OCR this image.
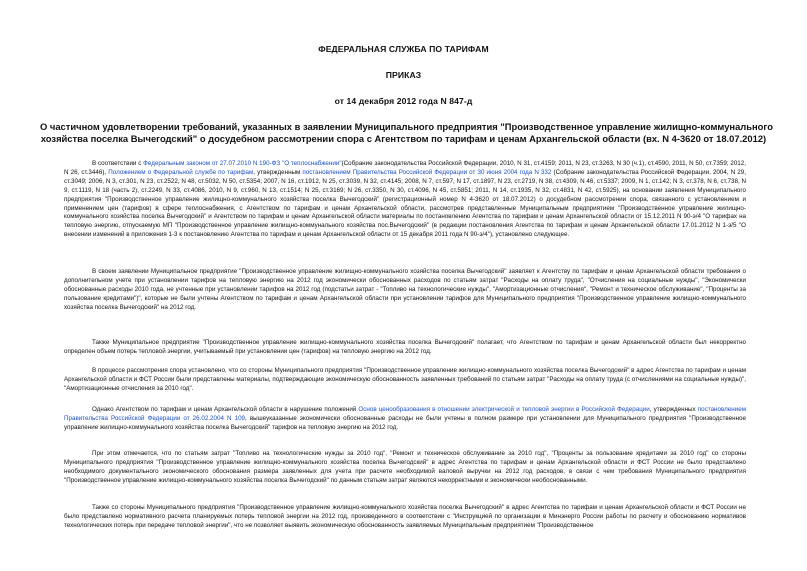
ФЕДЕРАЛЬНАЯ СЛУЖБА ПО ТАРИФАМ
ПРИКАЗ
от 14 декабря 2012 года N 847-д
О частичном удовлетворении требований, указанных в заявлении Муниципального предприятия "Производственное управление жилищно-коммунального
хозяйства поселка Вычегодский" о досудебном рассмотрении спора с Агентством по тарифам и ценам Архангельской области (вх. N 4-3620 от 18.07.2012)

В соответствии с Федеральным законом от 27.07.2010 N 190-ФЗ "О теплоснабжении"(Собрание законодательства Российской Федерации, 2010, N 31, ст.4159; 2011, N 23, ст.3263, N 30 (ч.1), ст.4590, 2011, N 50, ст.7359; 2012, N 26, ст.3446), Положением о Федеральной службе по тарифам, утвержденным постановлением Правительства Российской Федерации от 30 июня 2004 года N 332 (Собрание законодательства Российской Федерации, 2004, N 29, ст.3049; 2006, N 3, ст.301, N 23, ст.2522, N 48, ст.5032, N 50, ст.5354; 2007, N 16, ст.1912, N 25, ст.3039, N 32, ст.4145; 2008, N 7, ст.597, N 17, ст.1897, N 23, ст.2719, N 38, ст.4309, N 46, ст.5337; 2009, N 1, ст.142; N 3, ст.378, N 6, ст.738, N 9, ст.1119, N 18 (часть 2), ст.2249, N 33, ст.4086, 2010, N 9, ст.960, N 13, ст.1514; N 25, ст.3169; N 26, ст.3350, N 30, ст.4096, N 45, ст.5851; 2011, N 14, ст.1935, N 32, ст.4831, N 42, ст.5925), на основании заявления Муниципального предприятия "Производственное управление жилищно-коммунального хозяйства поселка Вычегодский" (регистрационный номер N 4-3620 от 18.07.2012) о досудебном рассмотрении спора, связанного с установлением и применением цен (тарифов) в сфере теплоснабжения, с Агентством по тарифам и ценам Архангельской области, рассмотрев представленные Муниципальным предприятием "Производственное управление жилищно-коммунального хозяйства поселка Вычегодский" и Агентством по тарифам и ценам Архангельской области материалы по постановлению Агентства по тарифам и ценам Архангельской области от 15.12.2011 N 90-э/4 "О тарифах на тепловую энергию, отпускаемую МП "Производственное управление жилищно-коммунального хозяйства пос.Вычегодский" (в редакции постановления Агентства по тарифам и ценам Архангельской области 17.01.2012 N 1-э/5 "О внесении изменений в приложения 1-3 к постановлению Агентства по тарифам и ценам Архангельской области от 15 декабря 2011 года N 90-э/4"), установлено следующее.

В своем заявлении Муниципальное предприятие "Производственное управление жилищно-коммунального хозяйства поселка Вычегодский" заявляет к Агентству по тарифам и ценам Архангельской области требования о дополнительном учете при установлении тарифов на тепловую энергию на 2012 год экономически обоснованных расходов по статьям затрат "Расходы на оплату труда", "Отчисления на социальные нужды", "Экономически обоснованные расходы 2010 года, не учтенные при установлении тарифов на 2012 год (подстатьи затрат - "Топливо на технологические нужды", "Амортизационные отчисления", "Ремонт и техническое обслуживание", "Проценты за пользование кредитами")", которые не были учтены Агентством по тарифам и ценам Архангельской области при установлении тарифов для Муниципального предприятия "Производственное управление жилищно-коммунального хозяйства поселка Вычегодский" на 2012 год.

Также Муниципальное предприятие "Производственное управление жилищно-коммунального хозяйства поселка Вычегодский" полагает, что Агентством по тарифам и ценам Архангельской области был некорректно определен объем потерь тепловой энергии, учитываемый при установлении цен (тарифов) на тепловую энергию на 2012 год.

В процессе рассмотрения спора установлено, что со стороны Муниципального предприятия "Производственное управление жилищно-коммунального хозяйства поселка Вычегодский" в адрес Агентства по тарифам и ценам Архангельской области и ФСТ России были представлены материалы, подтверждающие экономическую обоснованность заявленных требований по статьям затрат "Расходы на оплату труда (с отчислениями на социальные нужды)", "Амортизационные отчисления за 2010 год".

Однако Агентством по тарифам и ценам Архангельской области в нарушение положений Основ ценообразования в отношении электрической и тепловой энергии в Российской Федерации, утвержденных постановлением Правительства Российской Федерации от 26.02.2004 N 109, вышеуказанные экономически обоснованные расходы не были учтены в полном размере при установлении для Муниципального предприятия "Производственное управление жилищно-коммунального хозяйства поселка Вычегодский" тарифов на тепловую энергию на 2012 год.

При этом отмечается, что по статьям затрат "Топливо на технологические нужды за 2010 год", "Ремонт и техническое обслуживание за 2010 год", "Проценты за пользование кредитами за 2010 год" со стороны Муниципального предприятия "Производственное управление жилищно-коммунального хозяйства поселка Вычегодский" в адрес Агентства по тарифам и ценам Архангельской области и ФСТ России не было представлено необходимого документального экономического обоснования размера заявленных для учета при расчете необходимой валовой выручки на 2012 год расходов, в связи с чем требования Муниципального предприятия "Производственное управление жилищно-коммунального хозяйства поселка Вычегодский" по данным статьям затрат являются некорректными и экономически необоснованными.

Также со стороны Муниципального предприятия "Производственное управление жилищно-коммунального хозяйства поселка Вычегодский" в адрес Агентства по тарифам и ценам Архангельской области и ФСТ России не было представлено нормативного расчета планируемых потерь тепловой энергии на 2012 год, произведенного в соответствии с "Инструкцией по организации в Минэнерго России работы по расчету и обоснованию нормативов технологических потерь при передаче тепловой энергии", что не позволяет выявить экономическую обоснованность заявляемых Муниципальным предприятием "Производственное
